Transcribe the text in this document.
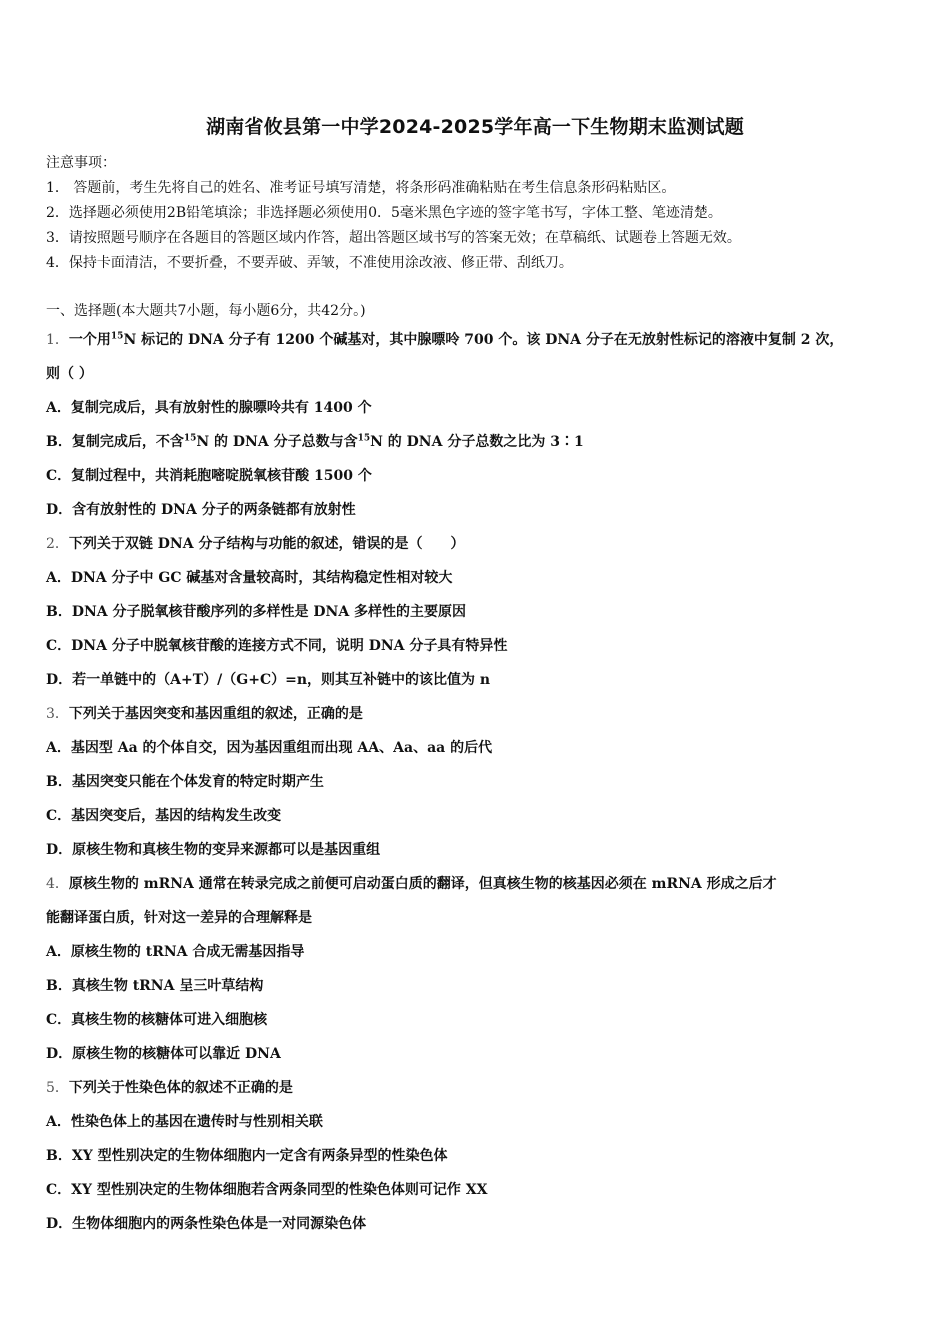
湖南省攸县第一中学2024-2025学年高一下生物期末监测试题
注意事项：
1． 答题前，考生先将自己的姓名、准考证号填写清楚，将条形码准确粘贴在考生信息条形码粘贴区。
2．选择题必须使用2B铅笔填涂；非选择题必须使用0．5毫米黑色字迹的签字笔书写，字体工整、笔迹清楚。
3．请按照题号顺序在各题目的答题区域内作答，超出答题区域书写的答案无效；在草稿纸、试题卷上答题无效。
4．保持卡面清洁，不要折叠，不要弄破、弄皱，不准使用涂改液、修正带、刮纸刀。
一、选择题(本大题共7小题，每小题6分，共42分。)

1．一个用$^{15}$N 标记的 DNA 分子有 1200 个碱基对，其中腺嘌呤 700 个。该 DNA 分子在无放射性标记的溶液中复制 2 次，

则（ ）

A．复制完成后，具有放射性的腺嘌呤共有 1400 个

B．复制完成后，不含$^{15}$N 的 DNA 分子总数与含$^{15}$N 的 DNA 分子总数之比为 3∶1

C．复制过程中，共消耗胞嘧啶脱氧核苷酸 1500 个

D．含有放射性的 DNA 分子的两条链都有放射性

2．下列关于双链 DNA 分子结构与功能的叙述，错误的是（　　）

A．DNA 分子中 GC 碱基对含量较高时，其结构稳定性相对较大

B．DNA 分子脱氧核苷酸序列的多样性是 DNA 多样性的主要原因

C．DNA 分子中脱氧核苷酸的连接方式不同，说明 DNA 分子具有特异性

D．若一单链中的（A+T）/（G+C）=n，则其互补链中的该比值为 n

3．下列关于基因突变和基因重组的叙述，正确的是

A．基因型 Aa 的个体自交，因为基因重组而出现 AA、Aa、aa 的后代

B．基因突变只能在个体发育的特定时期产生

C．基因突变后，基因的结构发生改变

D．原核生物和真核生物的变异来源都可以是基因重组

4．原核生物的 mRNA 通常在转录完成之前便可启动蛋白质的翻译，但真核生物的核基因必须在 mRNA 形成之后才

能翻译蛋白质，针对这一差异的合理解释是

A．原核生物的 tRNA 合成无需基因指导

B．真核生物 tRNA 呈三叶草结构

C．真核生物的核糖体可进入细胞核

D．原核生物的核糖体可以靠近 DNA

5．下列关于性染色体的叙述不正确的是

A．性染色体上的基因在遗传时与性别相关联

B．XY 型性别决定的生物体细胞内一定含有两条异型的性染色体

C．XY 型性别决定的生物体细胞若含两条同型的性染色体则可记作 XX

D．生物体细胞内的两条性染色体是一对同源染色体
